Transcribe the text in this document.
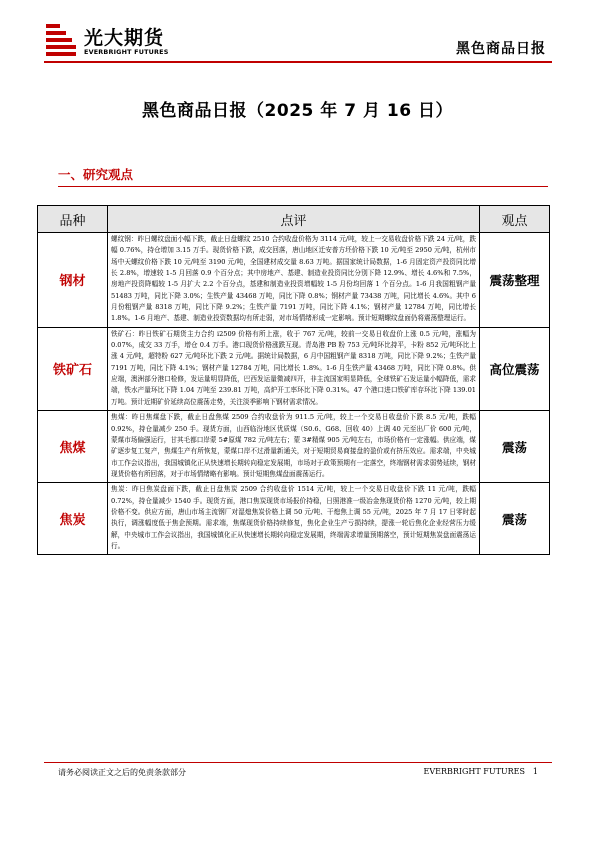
光大期货
EVERBRIGHT FUTURES	黑色商品日报
黑色商品日报（2025 年 7 月 16 日）
一、研究观点
品种	点评	观点
钢材	螺纹钢：昨日螺纹盘面小幅下跌，截止日盘螺纹 2510 合约收盘价格为 3114 元/吨，较上一交易收盘价格下跌 24 元/吨，跌幅 0.76%，持仓增加 3.15 万手。现货价格下跌，成交回落，唐山地区迁安普方坯价格下跌 10 元/吨至 2950 元/吨，杭州市场中天螺纹价格下跌 10 元/吨至 3190 元/吨，全国建材成交量 8.63 万吨。据国家统计局数据，1-6 月固定资产投资同比增长 2.8%，增速较 1-5 月回落 0.9 个百分点；其中房地产、基建、制造业投资同比分别下降 12.9%、增长 4.6%和 7.5%，房地产投资降幅较 1-5 月扩大 2.2 个百分点，基建和制造业投资增幅较 1-5 月份均回落 1 个百分点。1-6 月我国粗钢产量 51483 万吨，同比下降 3.0%；生铁产量 43468 万吨，同比下降 0.8%；钢材产量 73438 万吨，同比增长 4.6%。其中 6 月份粗钢产量 8318 万吨，同比下降 9.2%；生铁产量 7191 万吨，同比下降 4.1%；钢材产量 12784 万吨，同比增长 1.8%。1-6 月地产、基建、制造业投资数据均有所走弱，对市场情绪形成一定影响。预计短期螺纹盘面仍将震荡整理运行。	震荡整理
铁矿石	铁矿石：昨日铁矿石期货主力合约 i2509 价格有所上涨，收于 767 元/吨，较前一交易日收盘价上涨 0.5 元/吨，涨幅为 0.07%，成交 33 万手，增仓 0.4 万手。港口现货价格涨跌互现。青岛港 PB 粉 753 元/吨环比持平，卡粉 852 元/吨环比上涨 4 元/吨，超特粉 627 元/吨环比下跌 2 元/吨。据统计局数据，6 月中国粗钢产量 8318 万吨，同比下降 9.2%；生铁产量 7191 万吨，同比下降 4.1%；钢材产量 12784 万吨，同比增长 1.8%。1-6 月生铁产量 43468 万吨，同比下降 0.8%。供应端，澳洲部分港口检修，发运量明显降低，巴西发运量微减四开，非主流国家明显降低，全球铁矿石发运量小幅降低，需求端，铁水产量环比下降 1.04 万吨至 239.81 万吨，高炉开工率环比下降 0.31%。47 个港口进口铁矿库存环比下降 139.01 万吨。预计近期矿价延续高位震荡走势，关注淡季影响下钢材需求情况。	高位震荡
焦煤	焦煤：昨日焦煤盘下跌，截止日盘焦煤 2509 合约收盘价为 911.5 元/吨，较上一个交易日收盘价下跌 8.5 元/吨，跌幅 0.92%，持仓量减少 250 手。现货方面，山西临汾地区优质煤（S0.6、G68、回收 40）上调 40 元至出厂价 600 元/吨，蒙煤市场偏强运行，甘其毛都口岸蒙 5#原煤 782 元/吨左右；蒙 3#精煤 905 元/吨左右，市场价格有一定涨幅。供应端，煤矿逐步复工复产，焦煤生产有所恢复，蒙煤口岸不过滑量新通关，对于短期贸易商接盘的盈价或有挤压效应。需求端，中央城市工作会议指出，我国城镇化正从快速增长期转向稳定发展期，市场对于政策预期有一定落空，终端钢材需求弱势延续，钢材现货价格有所回落，对于市场情绪略有影响。预计短期焦煤盘面震荡运行。	震荡
焦炭	焦炭：昨日焦炭盘面下跌，截止日盘焦炭 2509 合约收盘价 1514 元/吨，较上一个交易日收盘价下跌 11 元/吨，跌幅 0.72%，持仓量减少 1540 手。现货方面，港口焦炭现货市场报价持稳，日照港准一级冶金焦现货价格 1270 元/吨，较上期价格不变。供应方面，唐山市场主流钢厂对湿熄焦炭价格上调 50 元/吨、干熄焦上调 55 元/吨，2025 年 7 月 17 日零时起执行，调涨幅度低于焦企预期。需求端，焦煤现货价格持续修复，焦化企业生产亏损持续，提涨一轮后焦化企业经营压力缓解，中央城市工作会议指出，我国城镇化正从快速增长期转向稳定发展期，终端需求增量预期落空，预计短期焦炭盘面震荡运行。	震荡
请务必阅读正文之后的免责条款部分	EVERBRIGHT FUTURES 1
